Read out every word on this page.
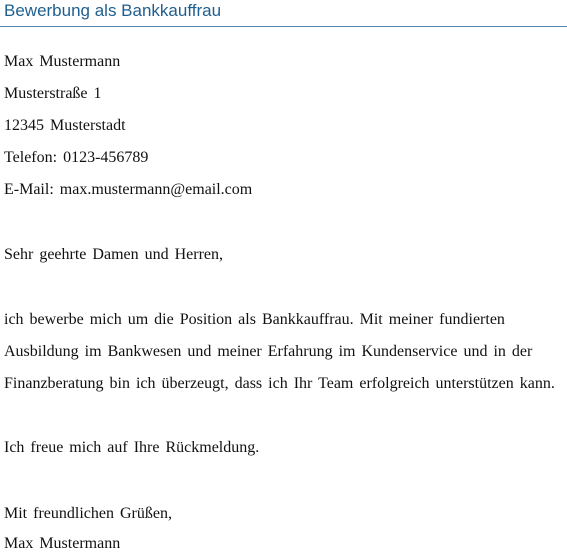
Bewerbung als Bankkauffrau
Max Mustermann
Musterstraße 1
12345 Musterstadt
Telefon: 0123-456789
E-Mail: max.mustermann@email.com
Sehr geehrte Damen und Herren,
ich bewerbe mich um die Position als Bankkauffrau. Mit meiner fundierten
Ausbildung im Bankwesen und meiner Erfahrung im Kundenservice und in der
Finanzberatung bin ich überzeugt, dass ich Ihr Team erfolgreich unterstützen kann.
Ich freue mich auf Ihre Rückmeldung.
Mit freundlichen Grüßen,
Max Mustermann
